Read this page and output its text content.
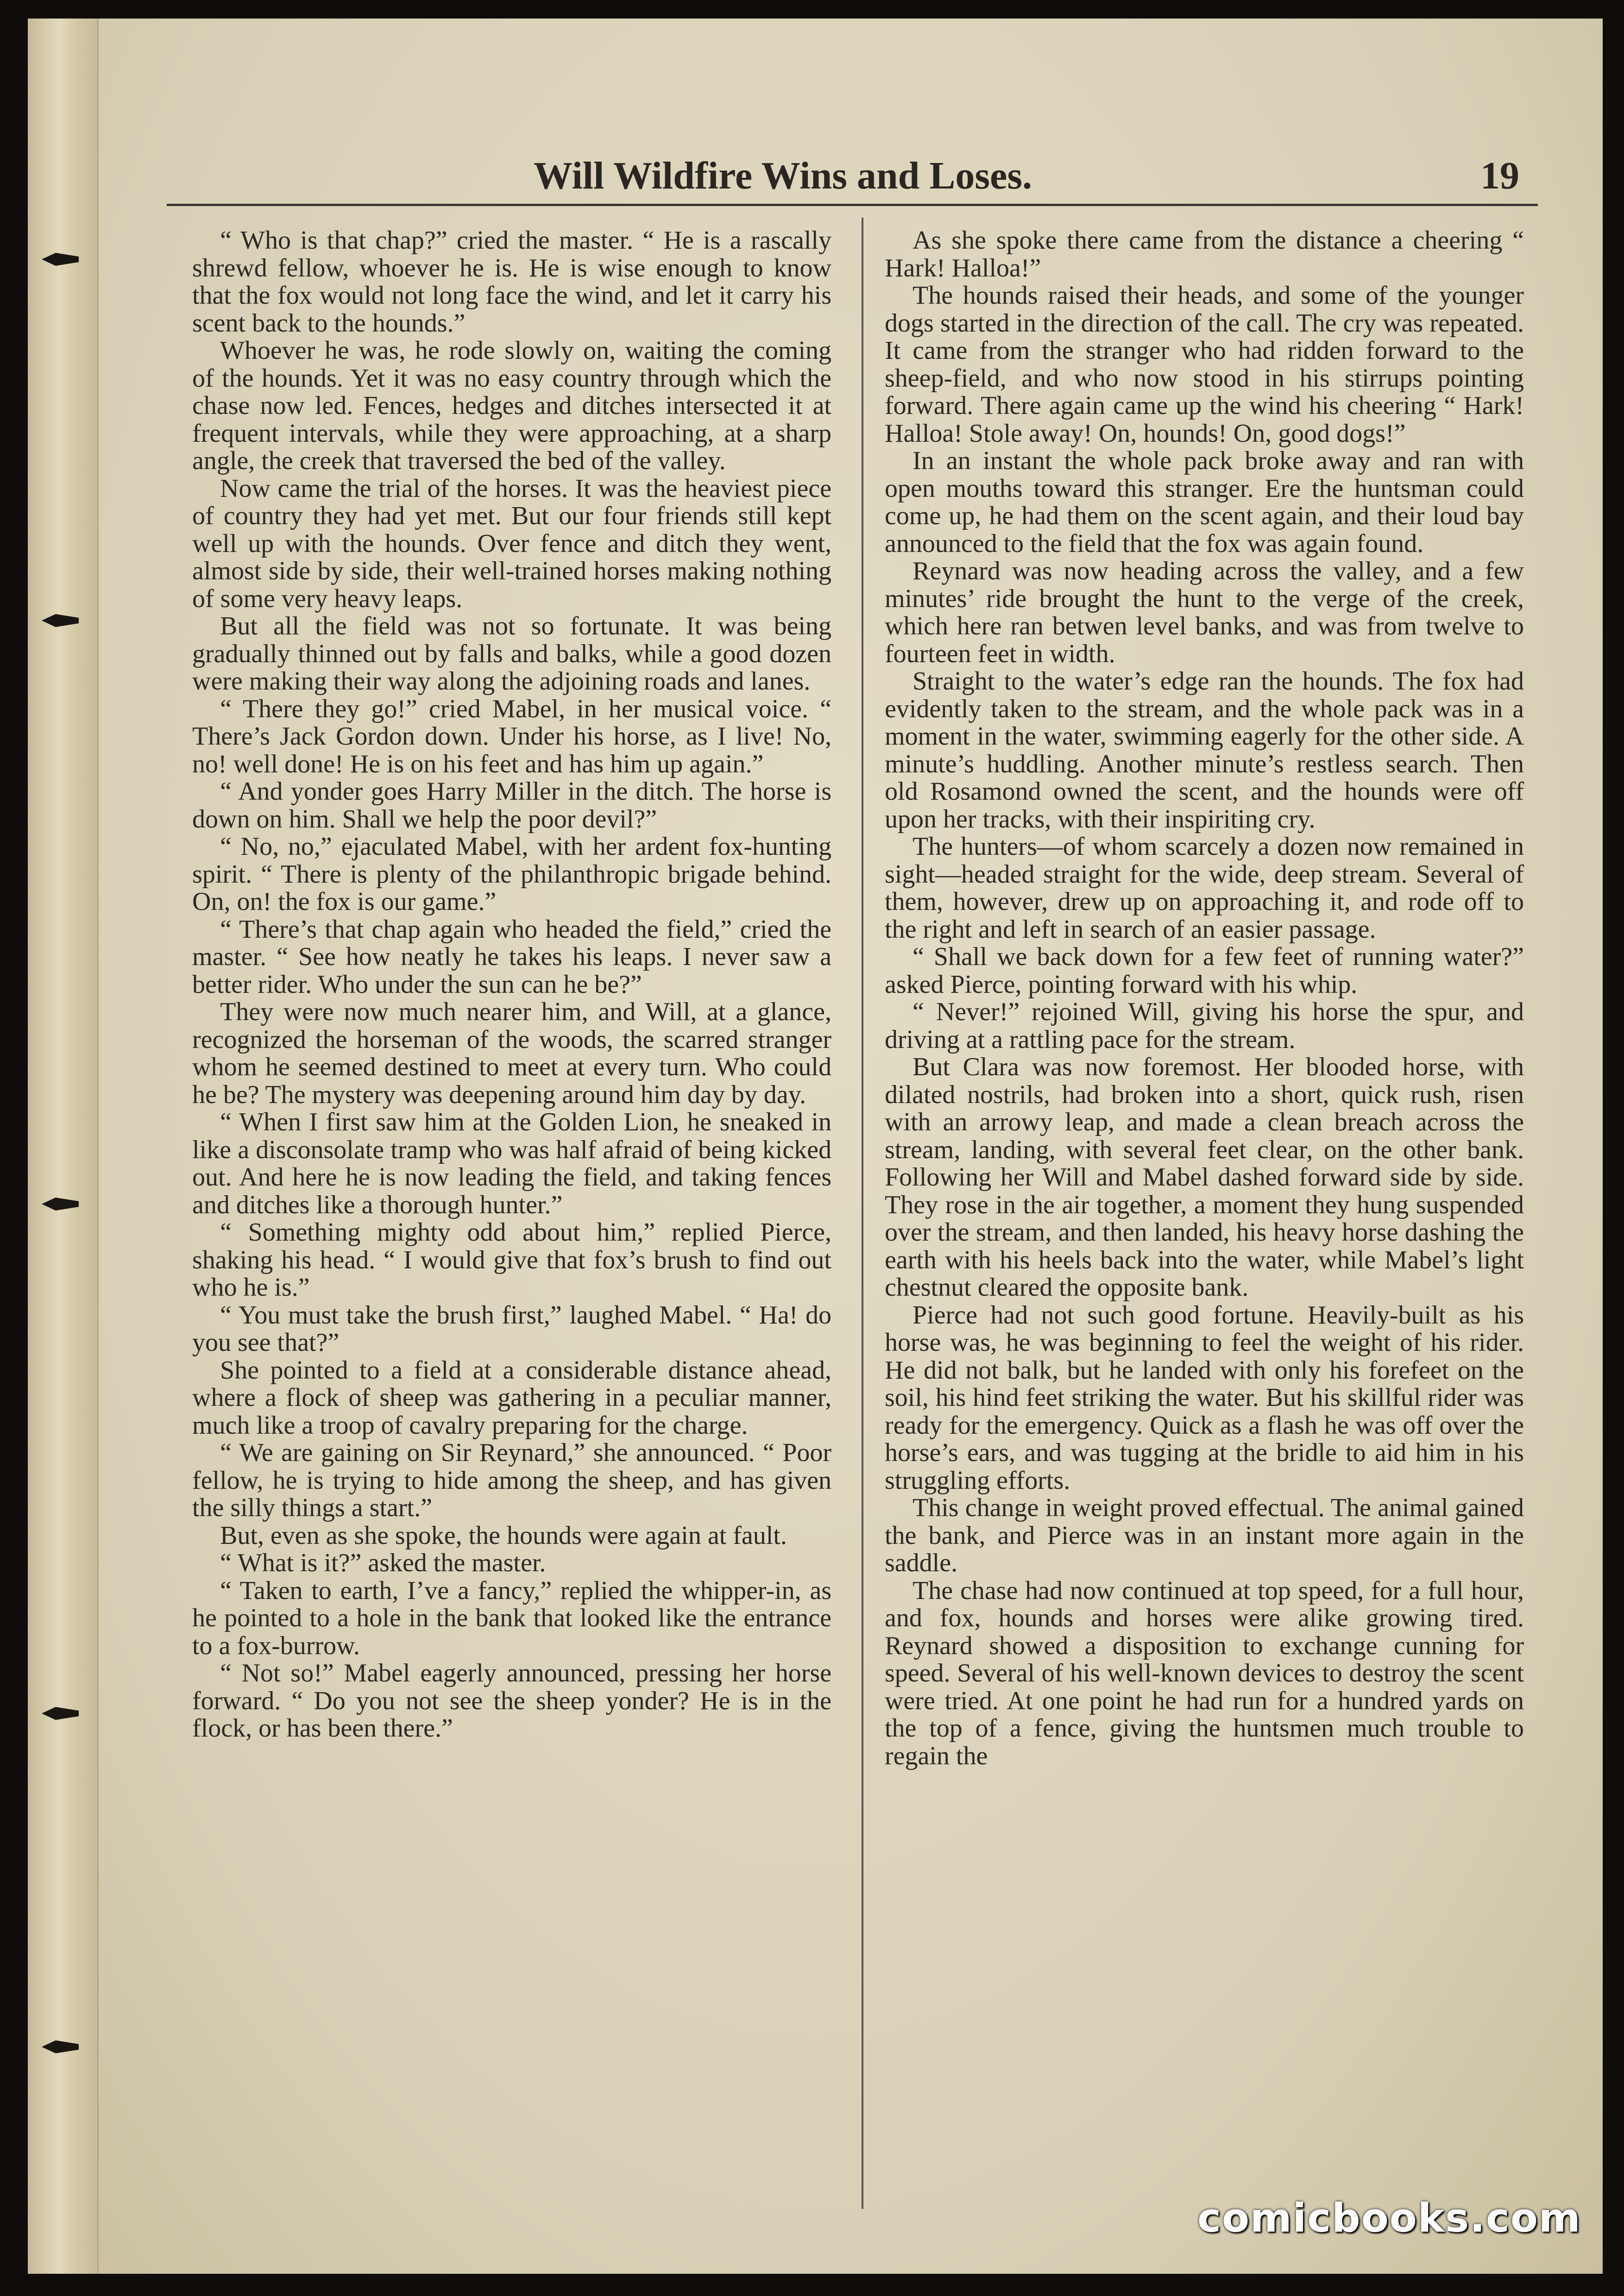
Will Wildfire Wins and Loses.	19

“ Who is that chap?” cried the master. “ He is a rascally shrewd fellow, whoever he is. He is wise enough to know that the fox would not long face the wind, and let it carry his scent back to the hounds.”

Whoever he was, he rode slowly on, waiting the coming of the hounds. Yet it was no easy country through which the chase now led. Fences, hedges and ditches intersected it at frequent intervals, while they were approaching, at a sharp angle, the creek that traversed the bed of the valley.

Now came the trial of the horses. It was the heaviest piece of country they had yet met. But our four friends still kept well up with the hounds. Over fence and ditch they went, almost side by side, their well-trained horses making nothing of some very heavy leaps.

But all the field was not so fortunate. It was being gradually thinned out by falls and balks, while a good dozen were making their way along the adjoining roads and lanes.

“ There they go!” cried Mabel, in her musical voice. “ There’s Jack Gordon down. Under his horse, as I live! No, no! well done! He is on his feet and has him up again.”

“ And yonder goes Harry Miller in the ditch. The horse is down on him. Shall we help the poor devil?”

“ No, no,” ejaculated Mabel, with her ardent fox-hunting spirit. “ There is plenty of the philanthropic brigade behind. On, on! the fox is our game.”

“ There’s that chap again who headed the field,” cried the master. “ See how neatly he takes his leaps. I never saw a better rider. Who under the sun can he be?”

They were now much nearer him, and Will, at a glance, recognized the horseman of the woods, the scarred stranger whom he seemed destined to meet at every turn. Who could he be? The mystery was deepening around him day by day.

“ When I first saw him at the Golden Lion, he sneaked in like a disconsolate tramp who was half afraid of being kicked out. And here he is now leading the field, and taking fences and ditches like a thorough hunter.”

“ Something mighty odd about him,” replied Pierce, shaking his head. “ I would give that fox’s brush to find out who he is.”

“ You must take the brush first,” laughed Mabel. “ Ha! do you see that?”

She pointed to a field at a considerable distance ahead, where a flock of sheep was gathering in a peculiar manner, much like a troop of cavalry preparing for the charge.

“ We are gaining on Sir Reynard,” she announced. “ Poor fellow, he is trying to hide among the sheep, and has given the silly things a start.”

But, even as she spoke, the hounds were again at fault.

“ What is it?” asked the master.

“ Taken to earth, I’ve a fancy,” replied the whipper-in, as he pointed to a hole in the bank that looked like the entrance to a fox-burrow.

“ Not so!” Mabel eagerly announced, pressing her horse forward. “ Do you not see the sheep yonder? He is in the flock, or has been there.”

As she spoke there came from the distance a cheering “ Hark! Halloa!”

The hounds raised their heads, and some of the younger dogs started in the direction of the call. The cry was repeated. It came from the stranger who had ridden forward to the sheep-field, and who now stood in his stirrups pointing forward. There again came up the wind his cheering “ Hark! Halloa! Stole away! On, hounds! On, good dogs!”

In an instant the whole pack broke away and ran with open mouths toward this stranger. Ere the huntsman could come up, he had them on the scent again, and their loud bay announced to the field that the fox was again found.

Reynard was now heading across the valley, and a few minutes’ ride brought the hunt to the verge of the creek, which here ran betwen level banks, and was from twelve to fourteen feet in width.

Straight to the water’s edge ran the hounds. The fox had evidently taken to the stream, and the whole pack was in a moment in the water, swimming eagerly for the other side. A minute’s huddling. Another minute’s restless search. Then old Rosamond owned the scent, and the hounds were off upon her tracks, with their inspiriting cry.

The hunters—of whom scarcely a dozen now remained in sight—headed straight for the wide, deep stream. Several of them, however, drew up on approaching it, and rode off to the right and left in search of an easier passage.

“ Shall we back down for a few feet of running water?” asked Pierce, pointing forward with his whip.

“ Never!” rejoined Will, giving his horse the spur, and driving at a rattling pace for the stream.

But Clara was now foremost. Her blooded horse, with dilated nostrils, had broken into a short, quick rush, risen with an arrowy leap, and made a clean breach across the stream, landing, with several feet clear, on the other bank. Following her Will and Mabel dashed forward side by side. They rose in the air together, a moment they hung suspended over the stream, and then landed, his heavy horse dashing the earth with his heels back into the water, while Mabel’s light chestnut cleared the opposite bank.

Pierce had not such good fortune. Heavily-built as his horse was, he was beginning to feel the weight of his rider. He did not balk, but he landed with only his forefeet on the soil, his hind feet striking the water. But his skillful rider was ready for the emergency. Quick as a flash he was off over the horse’s ears, and was tugging at the bridle to aid him in his struggling efforts.

This change in weight proved effectual. The animal gained the bank, and Pierce was in an instant more again in the saddle.

The chase had now continued at top speed, for a full hour, and fox, hounds and horses were alike growing tired. Reynard showed a disposition to exchange cunning for speed. Several of his well-known devices to destroy the scent were tried. At one point he had run for a hundred yards on the top of a fence, giving the huntsmen much trouble to regain the

comicbooks.com
